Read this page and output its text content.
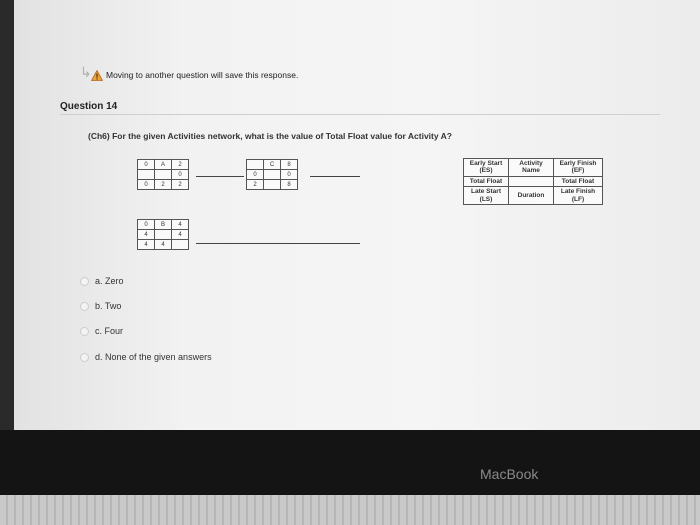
↳ Moving to another question will save this response.
Question 14
(Ch6) For the given Activities network, what is the value of Total Float value for Activity A?
0	A	2
		0
0	2	2
	C	8
0		0
2		8
0	B	4
4		4
4	4	
Early Start (ES)	Activity Name	Early Finish (EF)
Total Float		Total Float
Late Start (LS)	Duration	Late Finish (LF)
a. Zero
b. Two
c. Four
d. None of the given answers
MacBook
